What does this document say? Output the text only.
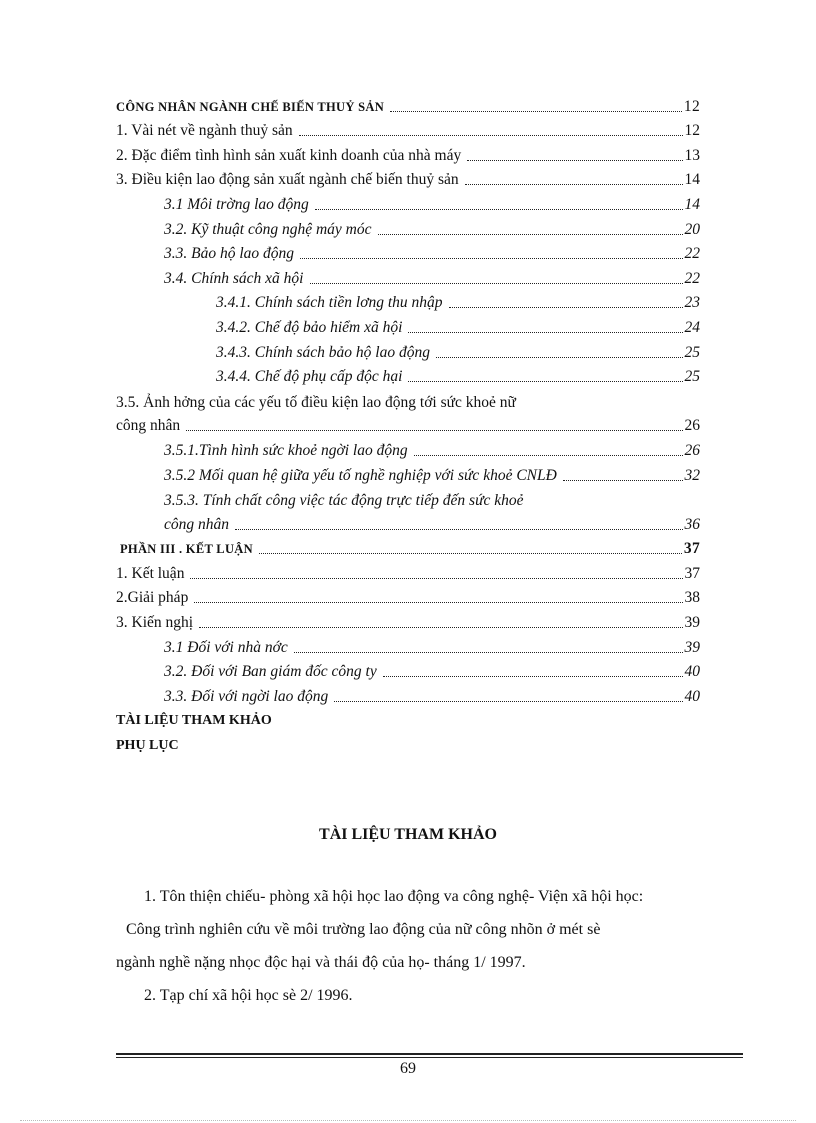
CÔNG NHÂN NGÀNH CHẾ BIẾN THUỶ SẢN	12
1. Vài nét về ngành thuỷ sản	12
2. Đặc điểm tình hình sản xuất kinh doanh của nhà máy	13
3. Điều kiện lao động sản xuất ngành chế biến thuỷ sản	14
3.1 Môi trờng lao động	14
3.2. Kỹ thuật công nghệ máy móc	20
3.3. Bảo hộ lao động	22
3.4. Chính sách xã hội	22
3.4.1. Chính sách tiền lơng thu nhập	23
3.4.2. Chế độ bảo hiểm xã hội	24
3.4.3. Chính sách bảo hộ lao động	25
3.4.4. Chế độ phụ cấp độc hại	25
3.5. Ảnh hởng của các yếu tố điều kiện lao động tới sức khoẻ nữ
công nhân	26
3.5.1.Tình hình sức khoẻ ngời lao động	26
3.5.2 Mối quan hệ giữa yếu tố nghề nghiệp với sức khoẻ CNLĐ	32
3.5.3. Tính chất công việc tác động trực tiếp đến sức khoẻ
công nhân	36
PHẦN III . KẾT LUẬN	37
1. Kết luận	37
2.Giải pháp	38
3. Kiến nghị	39
3.1 Đối với nhà nớc	39
3.2. Đối với Ban giám đốc công ty	40
3.3. Đối với ngời lao động	40
TÀI LIỆU THAM KHẢO
PHỤ LỤC
TÀI LIỆU THAM KHẢO
1. Tôn thiện chiếu- phòng xã hội học lao động va công nghệ- Viện xã hội học:
Công trình nghiên cứu về môi trường lao động của nữ công nhõn ở mét sè
ngành nghề nặng nhọc độc hại và thái độ của họ- tháng 1/ 1997.
2. Tạp chí xã hội học sè 2/ 1996.
69
